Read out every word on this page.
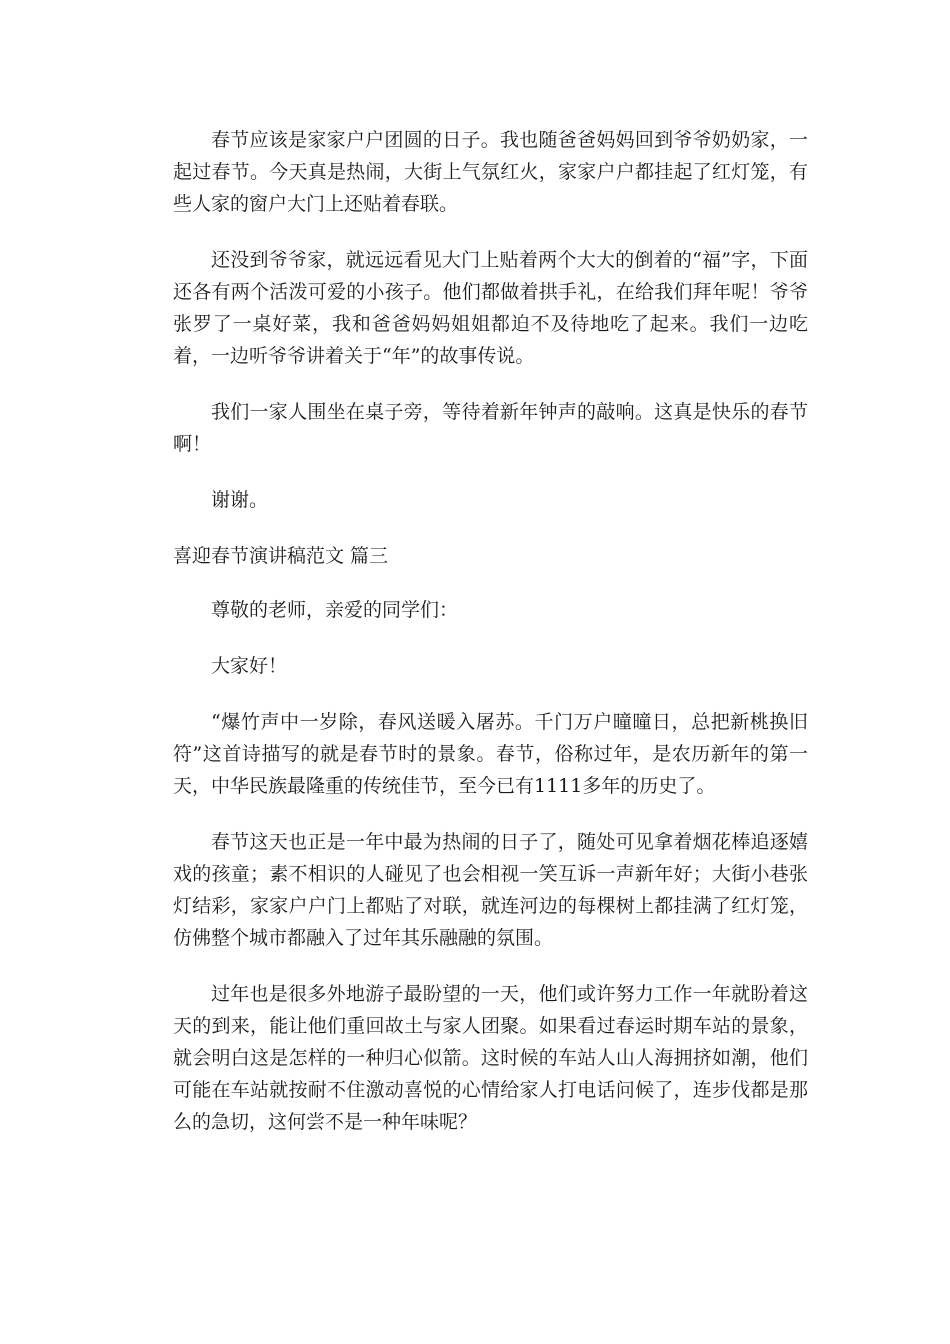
春节应该是家家户户团圆的日子。我也随爸爸妈妈回到爷爷奶奶家，一起过春节。今天真是热闹，大街上气氛红火，家家户户都挂起了红灯笼，有些人家的窗户大门上还贴着春联。

还没到爷爷家，就远远看见大门上贴着两个大大的倒着的“福”字，下面还各有两个活泼可爱的小孩子。他们都做着拱手礼，在给我们拜年呢！爷爷张罗了一桌好菜，我和爸爸妈妈姐姐都迫不及待地吃了起来。我们一边吃着，一边听爷爷讲着关于“年”的故事传说。

我们一家人围坐在桌子旁，等待着新年钟声的敲响。这真是快乐的春节啊！

谢谢。

喜迎春节演讲稿范文 篇三

尊敬的老师，亲爱的同学们：

大家好！

“爆竹声中一岁除，春风送暖入屠苏。千门万户曈曈日，总把新桃换旧符”这首诗描写的就是春节时的景象。春节，俗称过年，是农历新年的第一天，中华民族最隆重的传统佳节，至今已有1111多年的历史了。

春节这天也正是一年中最为热闹的日子了，随处可见拿着烟花棒追逐嬉戏的孩童；素不相识的人碰见了也会相视一笑互诉一声新年好；大街小巷张灯结彩，家家户户门上都贴了对联，就连河边的每棵树上都挂满了红灯笼，仿佛整个城市都融入了过年其乐融融的氛围。

过年也是很多外地游子最盼望的一天，他们或许努力工作一年就盼着这天的到来，能让他们重回故土与家人团聚。如果看过春运时期车站的景象，就会明白这是怎样的一种归心似箭。这时候的车站人山人海拥挤如潮，他们可能在车站就按耐不住激动喜悦的心情给家人打电话问候了，连步伐都是那么的急切，这何尝不是一种年味呢？
